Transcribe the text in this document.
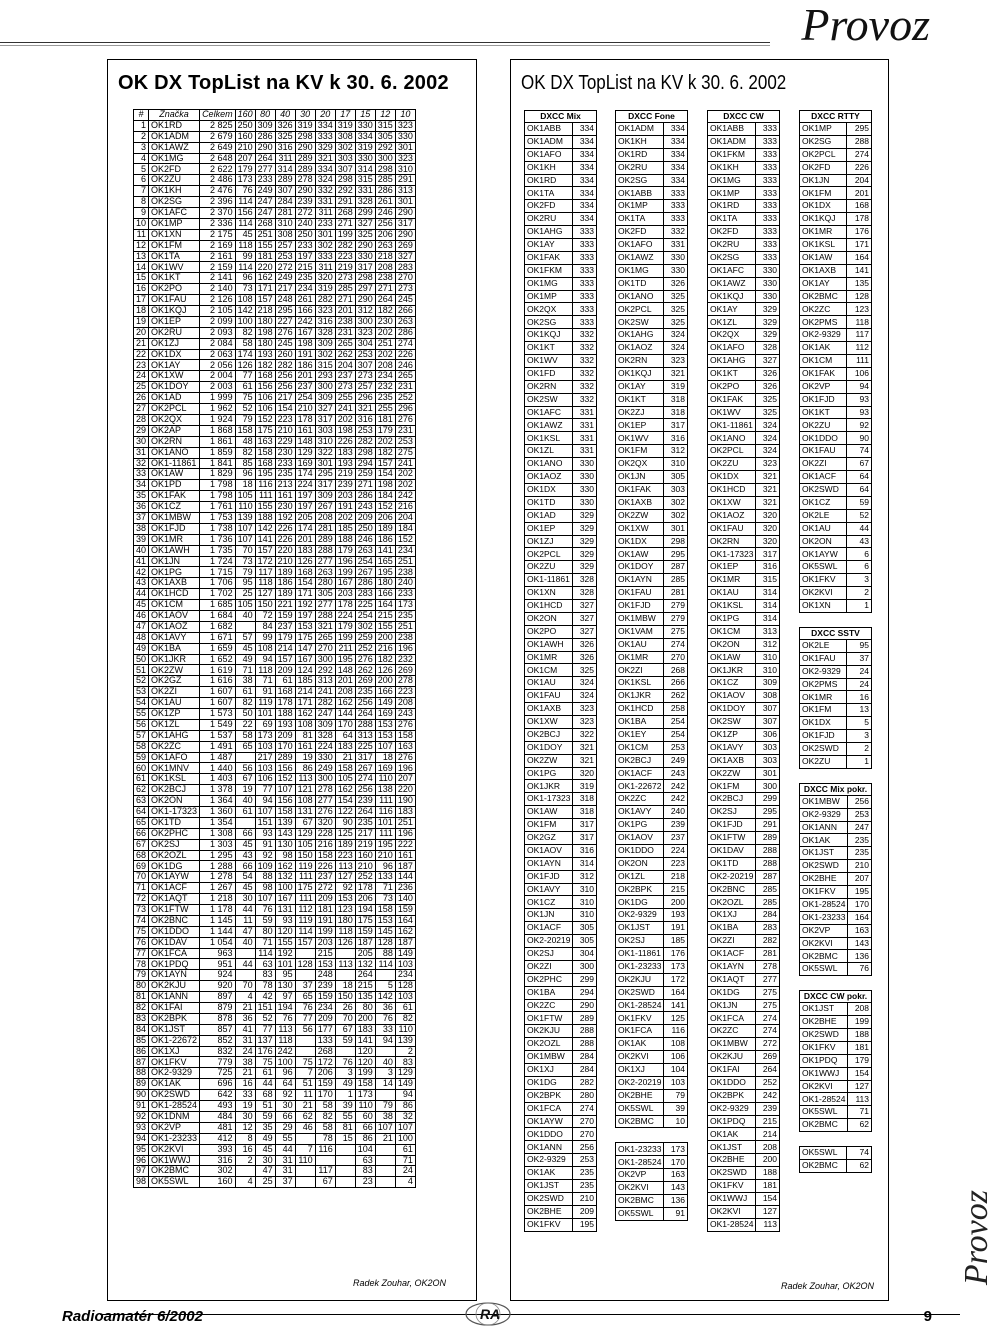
Provoz
OK DX TopList na KV k 30. 6. 2002
#	Značka	Celkem	160	80	40	30	20	17	15	12	10
1	OK1RD	2 825	250	309	326	319	334	319	330	315	323
2	OK1ADM	2 679	160	286	325	298	333	308	334	305	330
3	OK1AWZ	2 649	210	290	316	290	329	302	319	292	301
4	OK1MG	2 648	207	264	311	289	321	303	330	300	323
5	OK2FD	2 622	179	277	314	289	334	307	314	298	310
6	OK2ZU	2 486	173	233	289	278	324	298	315	285	291
7	OK1KH	2 476	76	249	307	290	332	292	331	286	313
8	OK2SG	2 396	114	247	284	239	331	291	328	261	301
9	OK1AFC	2 370	156	247	281	272	311	268	299	246	290
10	OK1MP	2 336	114	268	310	240	233	271	327	256	317
11	OK1XN	2 175	45	251	308	250	301	199	325	206	290
12	OK1FM	2 169	118	155	257	233	302	282	290	263	269
13	OK1TA	2 161	99	181	253	197	333	223	330	218	327
14	OK1WV	2 159	114	220	272	215	311	219	317	208	283
15	OK1KT	2 141	96	162	249	235	320	273	298	238	270
16	OK2PO	2 140	73	171	217	234	319	285	297	271	273
17	OK1FAU	2 126	108	157	248	261	282	271	290	264	245
18	OK1KQJ	2 105	142	218	295	166	323	201	312	182	266
19	OK1EP	2 099	100	180	227	242	316	238	300	230	263
20	OK2RU	2 093	82	198	276	167	328	231	323	202	286
21	OK1ZJ	2 084	58	180	245	198	309	265	304	251	274
22	OK1DX	2 063	174	193	260	191	302	262	253	202	226
23	OK1AY	2 056	126	182	282	186	315	204	307	208	246
24	OK1XW	2 004	77	168	256	201	293	237	273	234	265
25	OK1DOY	2 003	61	156	256	237	300	273	257	232	231
26	OK1AD	1 999	75	106	217	254	309	255	296	235	252
27	OK2PCL	1 962	52	106	154	210	327	241	321	255	296
28	OK2QX	1 924	79	152	223	178	317	202	316	181	276
29	OK2AP	1 868	158	175	210	161	303	198	253	179	231
30	OK2RN	1 861	48	163	229	148	310	226	282	202	253
31	OK1ANO	1 859	82	158	230	129	322	183	298	182	275
32	OK1-11861	1 841	85	168	233	169	301	193	294	157	241
33	OK1AW	1 829	96	195	235	174	295	219	259	154	202
34	OK1PD	1 798	18	116	213	224	317	239	271	198	202
35	OK1FAK	1 798	105	111	161	197	309	203	286	184	242
36	OK1CZ	1 761	110	155	230	197	267	191	243	152	216
37	OK1MBW	1 753	139	188	192	205	208	202	209	206	204
38	OK1FJD	1 738	107	142	226	174	281	185	250	189	184
39	OK1MR	1 736	107	141	226	201	289	188	246	186	152
40	OK1AWH	1 735	70	157	220	183	288	179	263	141	234
41	OK1JN	1 724	73	172	210	126	277	196	254	165	251
42	OK1PG	1 715	79	117	189	168	263	199	267	195	238
43	OK1AXB	1 706	95	118	186	154	280	167	286	180	240
44	OK1HCD	1 702	25	127	189	171	305	203	283	166	233
45	OK1CM	1 685	105	150	221	192	277	178	225	164	173
46	OK1AOV	1 684	40	72	159	197	288	224	254	215	235
47	OK1AOZ	1 682		84	237	153	321	179	302	155	251
48	OK1AVY	1 671	57	99	179	175	265	199	259	200	238
49	OK1BA	1 659	45	108	214	147	270	211	252	216	196
50	OK1JKR	1 652	49	94	157	167	300	195	276	182	232
51	OK2ZW	1 619	71	118	209	124	292	148	262	126	269
52	OK2GZ	1 616	38	71	61	185	313	201	269	200	278
53	OK2ZI	1 607	61	91	168	214	241	208	235	166	223
54	OK1AU	1 607	82	119	178	171	282	162	256	149	208
55	OK1ZP	1 573	50	101	188	162	247	144	264	169	243
56	OK1ZL	1 549	22	69	193	108	309	170	288	153	276
57	OK1AHG	1 537	58	173	209	81	328	64	313	153	158
58	OK2ZC	1 491	65	103	170	161	224	183	225	107	163
59	OK1AFO	1 487		217	289	19	330	21	317	18	276
60	OK1MNV	1 440	56	103	156	86	249	158	267	169	196
61	OK1KSL	1 403	67	106	152	113	300	105	274	110	207
62	OK2BCJ	1 378	19	77	107	121	278	162	256	138	220
63	OK2ON	1 364	40	94	156	108	277	154	239	111	190
64	OK1-17323	1 360	61	107	158	131	276	122	264	116	183
65	OK1TD	1 354		151	139	67	320	90	235	101	251
66	OK2PHC	1 308	66	93	143	129	228	125	217	111	196
67	OK2SJ	1 303	45	91	130	105	216	189	219	195	222
68	OK2OZL	1 295	43	92	98	150	158	223	160	210	161
69	OK1DG	1 288	66	109	162	119	226	113	210	96	187
70	OK1AYW	1 278	54	88	132	111	237	127	252	133	144
71	OK1ACF	1 267	45	98	100	175	272	92	178	71	236
72	OK1AQT	1 218	30	107	167	111	209	153	206	73	140
73	OK1FTW	1 178	44	76	131	112	181	123	194	158	159
74	OK2BNC	1 145	11	59	93	119	191	180	175	153	164
75	OK1DDO	1 144	47	80	120	114	199	118	159	145	162
76	OK1DAV	1 054	40	71	155	157	203	126	187	128	187
77	OK1FCA	963		114	192		215		205	88	149
78	OK1PDQ	951	44	63	101	128	153	113	132	114	103
79	OK1AYN	924		83	95		248		264		234
80	OK2KJU	920	70	78	130	37	239	18	215	5	128
81	OK1ANN	897	4	42	97	65	159	150	135	142	103
82	OK1FAI	879	21	151	194	76	234	26	80	36	61
83	OK2BPK	878	36	52	76	77	209	70	200	76	82
84	OK1JST	857	41	77	113	56	177	67	183	33	110
85	OK1-22672	852	31	137	118		133	59	141	94	139
86	OK1XJ	832	24	176	242		268		120		2
87	OK1FKV	779	38	75	100	75	172	76	120	40	83
88	OK2-9329	725	21	61	96	7	206	3	199	3	129
89	OK1AK	696	16	44	64	51	159	49	158	14	149
90	OK2SWD	642	33	68	92	11	170	1	173		94
91	OK1-28524	493	19	51	30	21	58	39	110	79	86
92	OK1DNM	484	30	59	66	62	82	55	60	38	32
93	OK2VP	481	12	35	29	46	58	81	66	107	107
94	OK1-23233	412	8	49	55		78	15	86	21	100
95	OK2KVI	393	16	45	44	7	116		104		61
96	OK1WWJ	316	2	30	31	110			63		71
97	OK2BMC	302		47	31		117		83		24
98	OK5SWL	160	4	25	37		67		23		4
Radek Zouhar, OK2ON
OK DX TopList na KV k 30. 6. 2002
DXCC Mix	
OK1ABB	334
OK1ADM	334
OK1AFO	334
OK1KH	334
OK1RD	334
OK1TA	334
OK2FD	334
OK2RU	334
OK1AHG	333
OK1AY	333
OK1FAK	333
OK1FKM	333
OK1MG	333
OK1MP	333
OK2QX	333
OK2SG	333
OK1KQJ	332
OK1KT	332
OK1WV	332
OK1FD	332
OK2RN	332
OK2SW	332
OK1AFC	331
OK1AWZ	331
OK1KSL	331
OK1ZL	331
OK1ANO	330
OK1AOZ	330
OK1DX	330
OK1TD	330
OK1AD	329
OK1EP	329
OK1ZJ	329
OK2PCL	329
OK2ZU	329
OK1-11861	328
OK1XN	328
OK1HCD	327
OK2ON	327
OK2PO	327
OK1AWH	326
OK1MR	326
OK1CM	325
OK1AU	324
OK1FAU	324
OK1AXB	323
OK1XW	323
OK2BCJ	322
OK1DOY	321
OK2ZW	321
OK1PG	320
OK1JKR	319
OK1-17323	318
OK1AW	318
OK1FM	317
OK2GZ	317
OK1AOV	316
OK1AYN	314
OK1FJD	312
OK1AVY	310
OK1CZ	310
OK1JN	310
OK1ACF	305
OK2-20219	305
OK2SJ	304
OK2ZI	300
OK2PHC	299
OK1BA	294
OK2ZC	290
OK1FTW	289
OK2KJU	288
OK2OZL	288
OK1MBW	284
OK1XJ	284
OK1DG	282
OK2BPK	280
OK1FCA	274
OK1AYW	270
OK1DDO	270
OK1ANN	256
OK2-9329	253
OK1AK	235
OK1JST	235
OK2SWD	210
OK2BHE	209
OK1FKV	195
DXCC Fone	
OK1ADM	334
OK1KH	334
OK1RD	334
OK2RU	334
OK2SG	334
OK1ABB	333
OK1MP	333
OK1TA	333
OK2FD	332
OK1AFO	331
OK1AWZ	330
OK1MG	330
OK1TD	326
OK1ANO	325
OK2PCL	325
OK2SW	325
OK1AHG	324
OK1AOZ	324
OK2RN	323
OK1KQJ	321
OK1AY	319
OK1KT	318
OK2ZJ	318
OK1EP	317
OK1WV	316
OK1FM	312
OK2QX	310
OK1JN	305
OK1FAK	303
OK1AXB	302
OK2ZW	302
OK1XW	301
OK1DX	298
OK1AW	295
OK1DOY	287
OK1AYN	285
OK1FAU	281
OK1FJD	279
OK1MBW	279
OK1VAM	275
OK1AU	274
OK1MR	270
OK2ZI	268
OK1KSL	266
OK1JKR	262
OK1HCD	258
OK1BA	254
OK1EY	254
OK1CM	253
OK2BCJ	249
OK1ACF	243
OK1-22672	242
OK2ZC	242
OK1AVY	240
OK1PG	239
OK1AOV	237
OK1DDO	224
OK2ON	223
OK1ZL	218
OK2BPK	215
OK1DG	200
OK2-9329	193
OK1JST	191
OK2SJ	185
OK1-11861	176
OK1-23233	173
OK2KJU	172
OK2SWD	164
OK1-28524	141
OK1FKV	125
OK1FCA	116
OK1AK	108
OK2KVI	106
OK1XJ	104
OK2-20219	103
OK2BHE	79
OK5SWL	39
OK2BMC	10
OK1-23233	173
OK1-28524	170
OK2VP	163
OK2KVI	143
OK2BMC	136
OK5SWL	91
DXCC CW	
OK1ABB	333
OK1ADM	333
OK1FKM	333
OK1KH	333
OK1MG	333
OK1MP	333
OK1RD	333
OK1TA	333
OK2FD	333
OK2RU	333
OK2SG	333
OK1AFC	330
OK1AWZ	330
OK1KQJ	330
OK1AY	329
OK1ZL	329
OK2QX	329
OK1AFO	328
OK1AHG	327
OK1KT	326
OK2PO	326
OK1FAK	325
OK1WV	325
OK1-11861	324
OK1ANO	324
OK2PCL	324
OK2ZU	323
OK1DX	321
OK1HCD	321
OK1XW	321
OK1AOZ	320
OK1FAU	320
OK2RN	320
OK1-17323	317
OK1EP	316
OK1MR	315
OK1AU	314
OK1KSL	314
OK1PG	314
OK1CM	313
OK2ON	312
OK1AW	310
OK1JKR	310
OK1CZ	309
OK1AOV	308
OK1DOY	307
OK2SW	307
OK1ZP	306
OK1AVY	303
OK1AXB	303
OK2ZW	301
OK1FM	300
OK2BCJ	299
OK2SJ	295
OK1FJD	291
OK1FTW	289
OK1DAV	288
OK1TD	288
OK2-20219	287
OK2BNC	285
OK2OZL	285
OK1XJ	284
OK1BA	283
OK2ZI	282
OK1ACF	281
OK1AYN	278
OK1AQT	277
OK1DG	275
OK1JN	275
OK1FCA	274
OK2ZC	274
OK1MBW	272
OK2KJU	269
OK1FAI	264
OK1DDO	252
OK2BPK	242
OK2-9329	239
OK1PDQ	215
OK1AK	214
OK1JST	208
OK2BHE	200
OK2SWD	188
OK1FKV	181
OK1WWJ	154
OK2KVI	127
OK1-28524	113
DXCC RTTY	
OK1MP	295
OK2SG	288
OK2PCL	274
OK2FD	226
OK1JN	204
OK1FM	201
OK1DX	168
OK1KQJ	178
OK1MR	176
OK1KSL	171
OK1AW	164
OK1AXB	141
OK1AY	135
OK2BMC	128
OK2ZC	123
OK2PMS	118
OK2-9329	117
OK1AK	112
OK1CM	111
OK1FAK	106
OK2VP	94
OK1FJD	93
OK1KT	93
OK2ZU	92
OK1DDO	90
OK1FAU	74
OK2ZI	67
OK1ACF	64
OK2SWD	64
OK1CZ	59
OK2LE	52
OK1AU	44
OK2ON	43
OK1AYW	6
OK5SWL	6
OK1FKV	3
OK2KVI	2
OK1XN	1
DXCC SSTV	
OK2LE	95
OK1FAU	37
OK2-9329	24
OK2PMS	24
OK1MR	16
OK1FM	13
OK1DX	5
OK1FJD	3
OK2SWD	2
OK2ZU	1
DXCC Mix pokr.	
OK1MBW	256
OK2-9329	253
OK1ANN	247
OK1AK	235
OK1JST	235
OK2SWD	210
OK2BHE	207
OK1FKV	195
OK1-28524	170
OK1-23233	164
OK2VP	163
OK2KVI	143
OK2BMC	136
OK5SWL	76
DXCC CW pokr.	
OK1JST	208
OK2BHE	199
OK2SWD	188
OK1FKV	181
OK1PDQ	179
OK1WWJ	154
OK2KVI	127
OK1-28524	113
OK5SWL	71
OK2BMC	62
OK5SWL	74
OK2BMC	62
Radek Zouhar, OK2ON
Provoz
Radioamatér 6/2002	RA	9
